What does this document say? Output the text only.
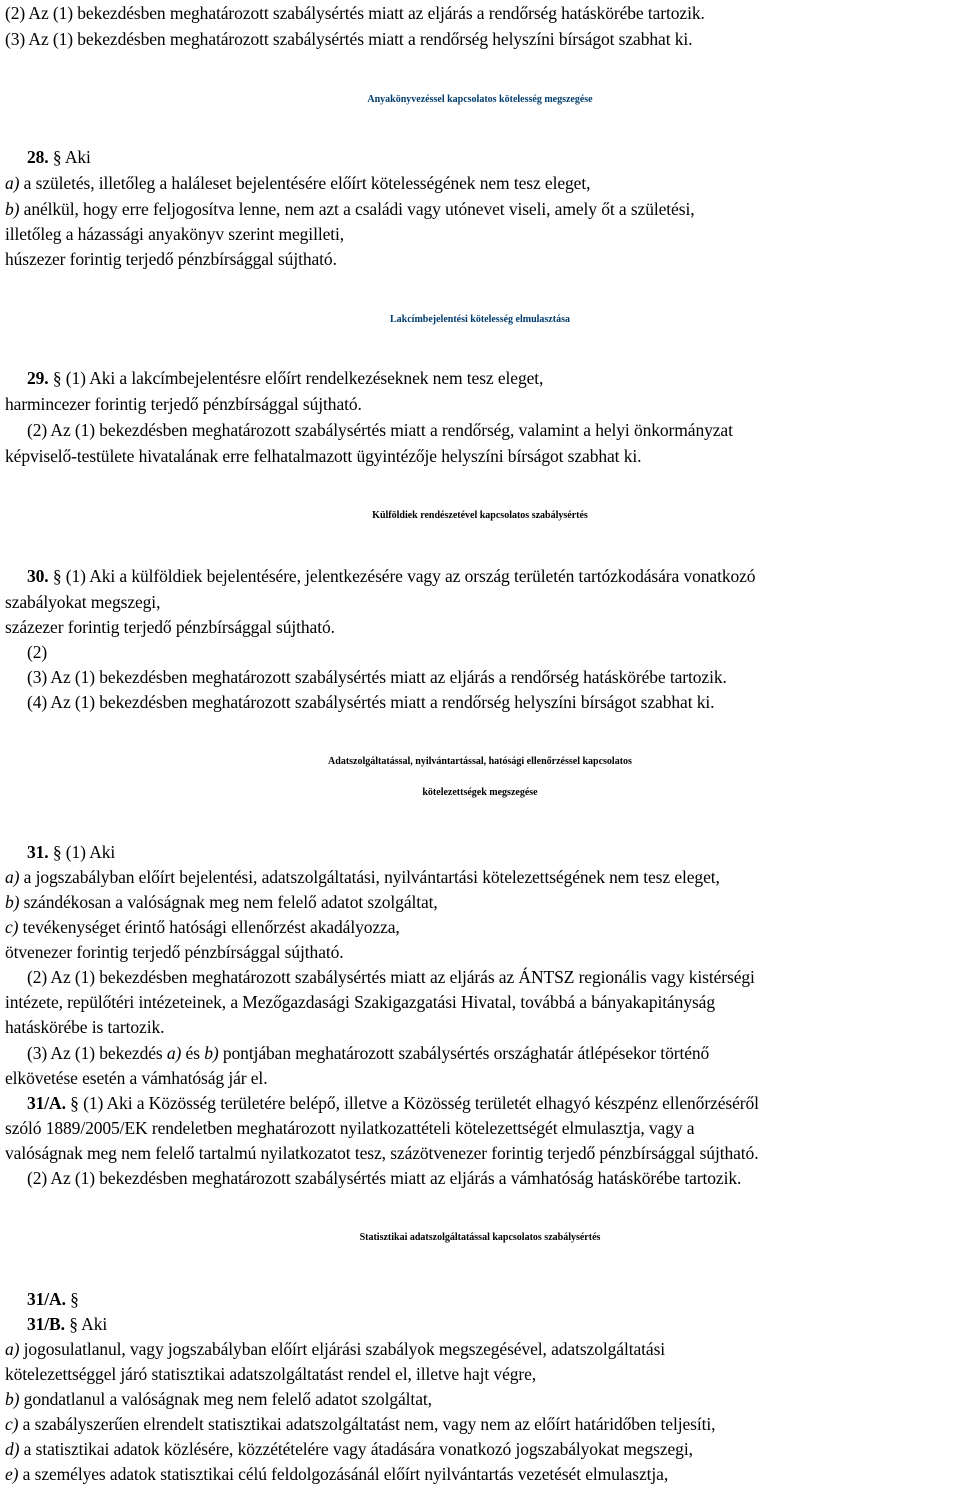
(2) Az (1) bekezdésben meghatározott szabálysértés miatt az eljárás a rendőrség hatáskörébe tartozik.
(3) Az (1) bekezdésben meghatározott szabálysértés miatt a rendőrség helyszíni bírságot szabhat ki.
Anyakönyvezéssel kapcsolatos kötelesség megszegése
28. § Aki
a) a születés, illetőleg a haláleset bejelentésére előírt kötelességének nem tesz eleget,
b) anélkül, hogy erre feljogosítva lenne, nem azt a családi vagy utónevet viseli, amely őt a születési,
illetőleg a házassági anyakönyv szerint megilleti,
húszezer forintig terjedő pénzbírsággal sújtható.
Lakcímbejelentési kötelesség elmulasztása
29. § (1) Aki a lakcímbejelentésre előírt rendelkezéseknek nem tesz eleget,
harmincezer forintig terjedő pénzbírsággal sújtható.
(2) Az (1) bekezdésben meghatározott szabálysértés miatt a rendőrség, valamint a helyi önkormányzat
képviselő-testülete hivatalának erre felhatalmazott ügyintézője helyszíni bírságot szabhat ki.
Külföldiek rendészetével kapcsolatos szabálysértés
30. § (1) Aki a külföldiek bejelentésére, jelentkezésére vagy az ország területén tartózkodására vonatkozó
szabályokat megszegi,
százezer forintig terjedő pénzbírsággal sújtható.
(2)
(3) Az (1) bekezdésben meghatározott szabálysértés miatt az eljárás a rendőrség hatáskörébe tartozik.
(4) Az (1) bekezdésben meghatározott szabálysértés miatt a rendőrség helyszíni bírságot szabhat ki.
Adatszolgáltatással, nyilvántartással, hatósági ellenőrzéssel kapcsolatos
kötelezettségek megszegése
31. § (1) Aki
a) a jogszabályban előírt bejelentési, adatszolgáltatási, nyilvántartási kötelezettségének nem tesz eleget,
b) szándékosan a valóságnak meg nem felelő adatot szolgáltat,
c) tevékenységet érintő hatósági ellenőrzést akadályozza,
ötvenezer forintig terjedő pénzbírsággal sújtható.
(2) Az (1) bekezdésben meghatározott szabálysértés miatt az eljárás az ÁNTSZ regionális vagy kistérségi
intézete, repülőtéri intézeteinek, a Mezőgazdasági Szakigazgatási Hivatal, továbbá a bányakapitányság
hatáskörébe is tartozik.
(3) Az (1) bekezdés a) és b) pontjában meghatározott szabálysértés országhatár átlépésekor történő
elkövetése esetén a vámhatóság jár el.
31/A. § (1) Aki a Közösség területére belépő, illetve a Közösség területét elhagyó készpénz ellenőrzéséről
szóló 1889/2005/EK rendeletben meghatározott nyilatkozattételi kötelezettségét elmulasztja, vagy a
valóságnak meg nem felelő tartalmú nyilatkozatot tesz, százötvenezer forintig terjedő pénzbírsággal sújtható.
(2) Az (1) bekezdésben meghatározott szabálysértés miatt az eljárás a vámhatóság hatáskörébe tartozik.
Statisztikai adatszolgáltatással kapcsolatos szabálysértés
31/A. §
31/B. § Aki
a) jogosulatlanul, vagy jogszabályban előírt eljárási szabályok megszegésével, adatszolgáltatási
kötelezettséggel járó statisztikai adatszolgáltatást rendel el, illetve hajt végre,
b) gondatlanul a valóságnak meg nem felelő adatot szolgáltat,
c) a szabályszerűen elrendelt statisztikai adatszolgáltatást nem, vagy nem az előírt határidőben teljesíti,
d) a statisztikai adatok közlésére, közzétételére vagy átadására vonatkozó jogszabályokat megszegi,
e) a személyes adatok statisztikai célú feldolgozásánál előírt nyilvántartás vezetését elmulasztja,
